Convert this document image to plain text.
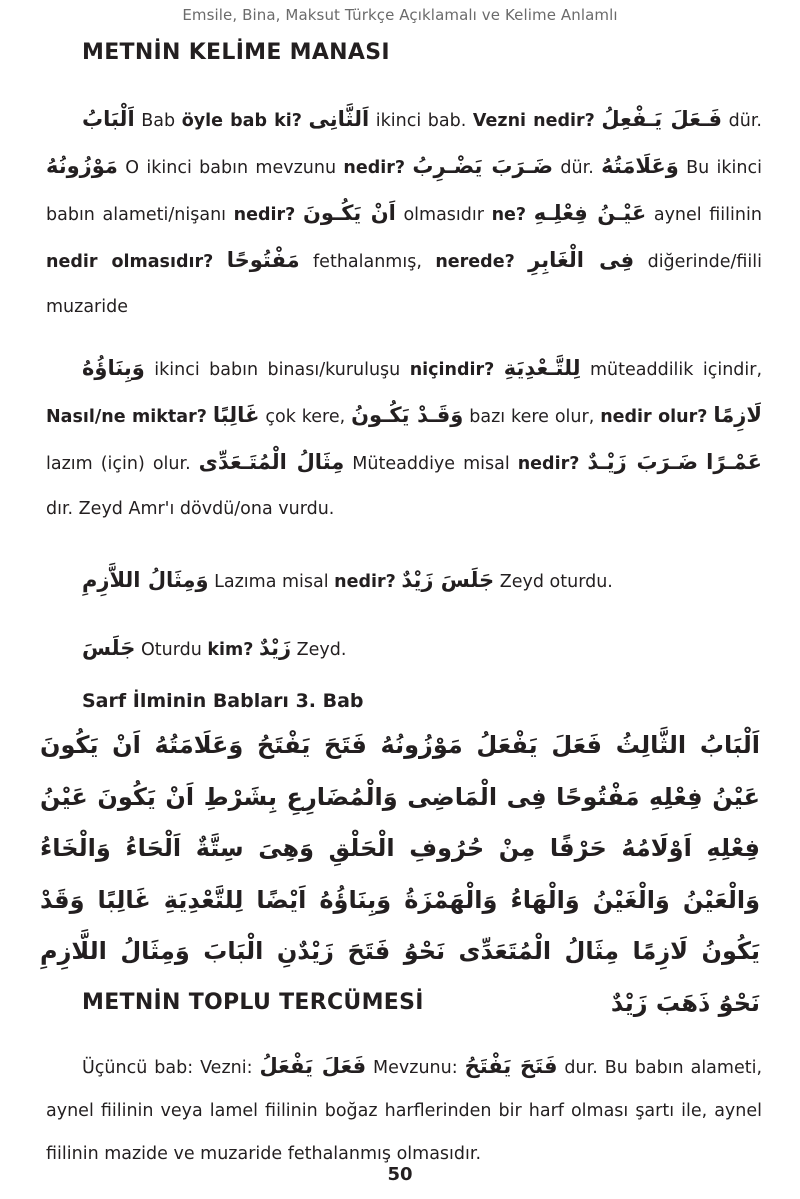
Emsile, Bina, Maksut Türkçe Açıklamalı ve Kelime Anlamlı
METNİN KELİME MANASI

اَلْبَابُ Bab öyle bab ki? اَلثَّانِى ikinci bab. Vezni nedir? فَـعَلَ يَـفْعِلُ dür. مَوْزُونُهُ O ikinci babın mevzunu nedir? ضَـرَبَ يَضْـرِبُ dür. وَعَلَامَتُهُ Bu ikinci babın alameti/nişanı nedir? اَنْ يَكُـونَ olmasıdır ne? عَيْـنُ فِعْلِـهِ aynel fiilinin nedir olmasıdır? مَفْتُوحًا fethalanmış, nerede? فِى الْغَابِرِ diğerinde/fiili muzaride

وَبِنَاؤُهُ ikinci babın binası/kuruluşu niçindir? لِلتَّـعْدِيَةِ müteaddilik içindir, Nasıl/ne miktar? غَالِبًا çok kere, وَقَـدْ يَكُـونُ bazı kere olur, nedir olur? لَازِمًا lazım (için) olur. مِثَالُ الْمُتَـعَدِّى Müteaddiye misal nedir? ضَـرَبَ زَيْـدٌ عَمْـرًا dır. Zeyd Amr'ı dövdü/ona vurdu.

وَمِثَالُ اللاَّزِمِ Lazıma misal nedir? جَلَسَ زَيْدٌ Zeyd oturdu.

جَلَسَ Oturdu kim? زَيْدٌ Zeyd.

Sarf İlminin Babları 3. Bab
اَلْبَابُ الثَّالِثُ فَعَلَ يَفْعَلُ مَوْزُونُهُ فَتَحَ يَفْتَحُ وَعَلَامَتُهُ اَنْ يَكُونَ عَيْنُ فِعْلِهِ مَفْتُوحًا فِى الْمَاضِى وَالْمُضَارِعِ بِشَرْطِ اَنْ يَكُونَ عَيْنُ فِعْلِهِ اَوْلَامُهُ حَرْفًا مِنْ حُرُوفِ الْحَلْقِ وَهِىَ سِتَّةٌ اَلْحَاءُ وَالْخَاءُ وَالْعَيْنُ وَالْغَيْنُ وَالْهَاءُ وَالْهَمْزَةُ وَبِنَاؤُهُ اَيْضًا لِلتَّعْدِيَةِ غَالِبًا وَقَدْ يَكُونُ لَازِمًا مِثَالُ الْمُتَعَدِّى نَحْوُ فَتَحَ زَيْدٌنِ الْبَابَ وَمِثَالُ اللَّازِمِ نَحْوُ ذَهَبَ زَيْدٌ
METNİN TOPLU TERCÜMESİ

Üçüncü bab: Vezni: فَعَلَ يَفْعَلُ Mevzunu: فَتَحَ يَفْتَحُ dur. Bu babın alameti, aynel fiilinin veya lamel fiilinin boğaz harflerinden bir harf olması şartı ile, aynel fiilinin mazide ve muzaride fethalanmış olmasıdır.

50
